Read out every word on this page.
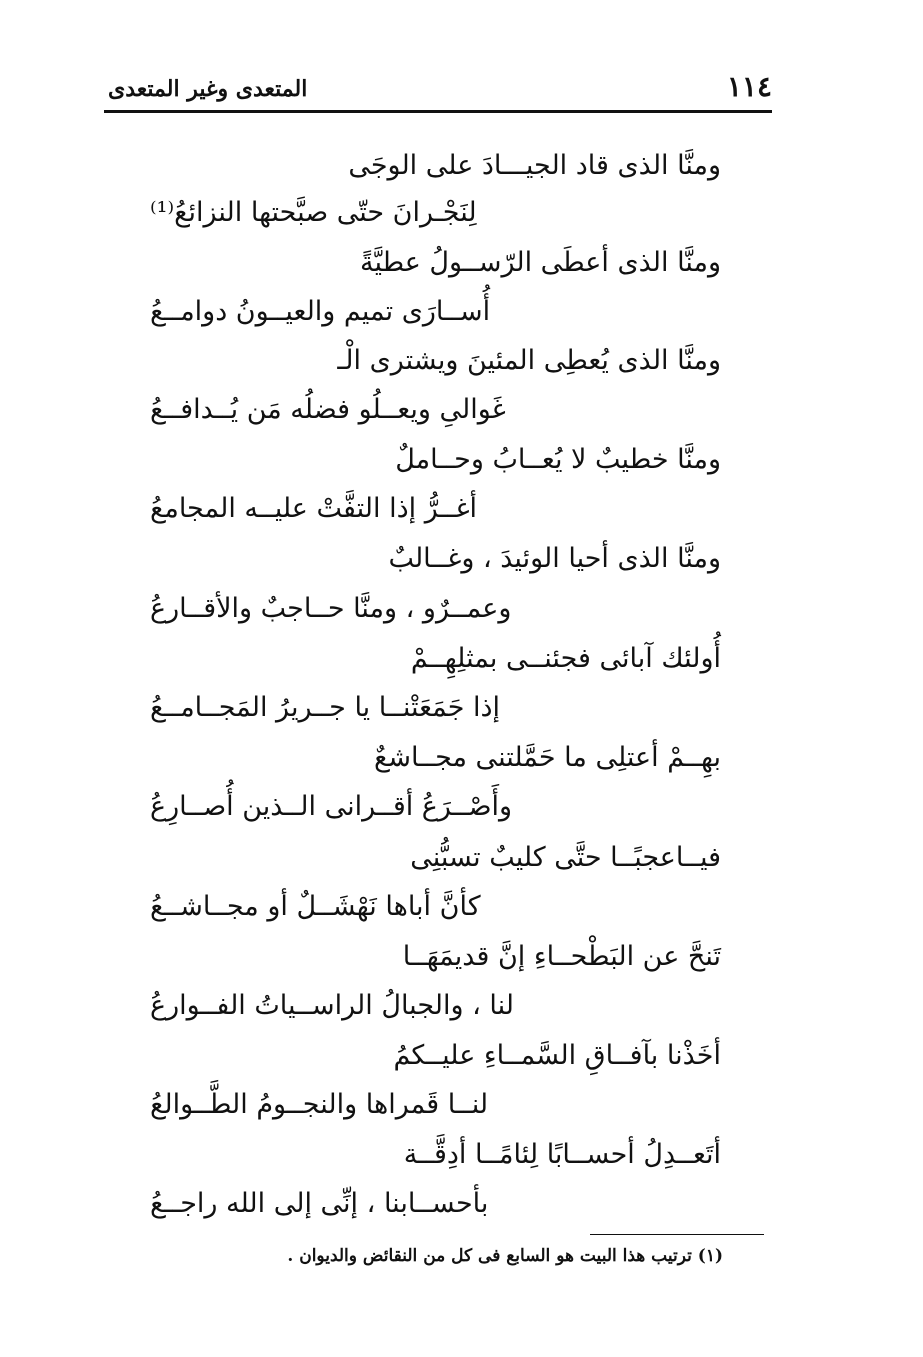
١١٤
المتعدى وغير المتعدى
ومنَّا الذى قاد الجيـــادَ على الوجَى
لِنَجْـرانَ حتّى صبَّحتها النزائعُ⁽¹⁾
ومنَّا الذى أعطَى الرّســولُ عطيَّةً
أُســارَى تميم والعيــونُ دوامــعُ
ومنَّا الذى يُعطِى المئينَ ويشترى الْـ
غَوالىِ ويعــلُو فضلُه مَن يُــدافــعُ
ومنَّا خطيبٌ لا يُعــابُ وحــاملٌ
أغــرُّ إذا التفَّتْ عليــه المجامعُ
ومنَّا الذى أحيا الوئيدَ ، وغــالبٌ
وعمــرٌو ، ومنَّا حــاجبٌ والأقــارعُ
أُولئك آبائى فجئنــى بمثلِهِــمْ
إذا جَمَعَتْنــا يا جــريرُ المَجــامــعُ
بهِــمْ أعتلِى ما حَمَّلتنى مجــاشعٌ
وأَصْــرَعُ أقــرانى الــذين أُصــارِعُ
فيــاعجبًــا حتَّى كليبٌ تسبُّنِى
كأنَّ أباها نَهْشَــلٌ أو مجــاشــعُ
تَنحَّ عن البَطْحــاءِ إنَّ قديمَهَــا
لنا ، والجبالُ الراســياتُ الفــوارعُ
أخَذْنا بآفــاقِ السَّمــاءِ عليــكمُ
لنــا قَمراها والنجــومُ الطَّــوالعُ
أتَعــدِلُ أحســابًا لِئامًــا أدِقَّــة
بأحســابنا ، إنِّى إلى الله راجــعُ
(١) ترتيب هذا البيت هو السابع فى كل من النقائض والديوان .
